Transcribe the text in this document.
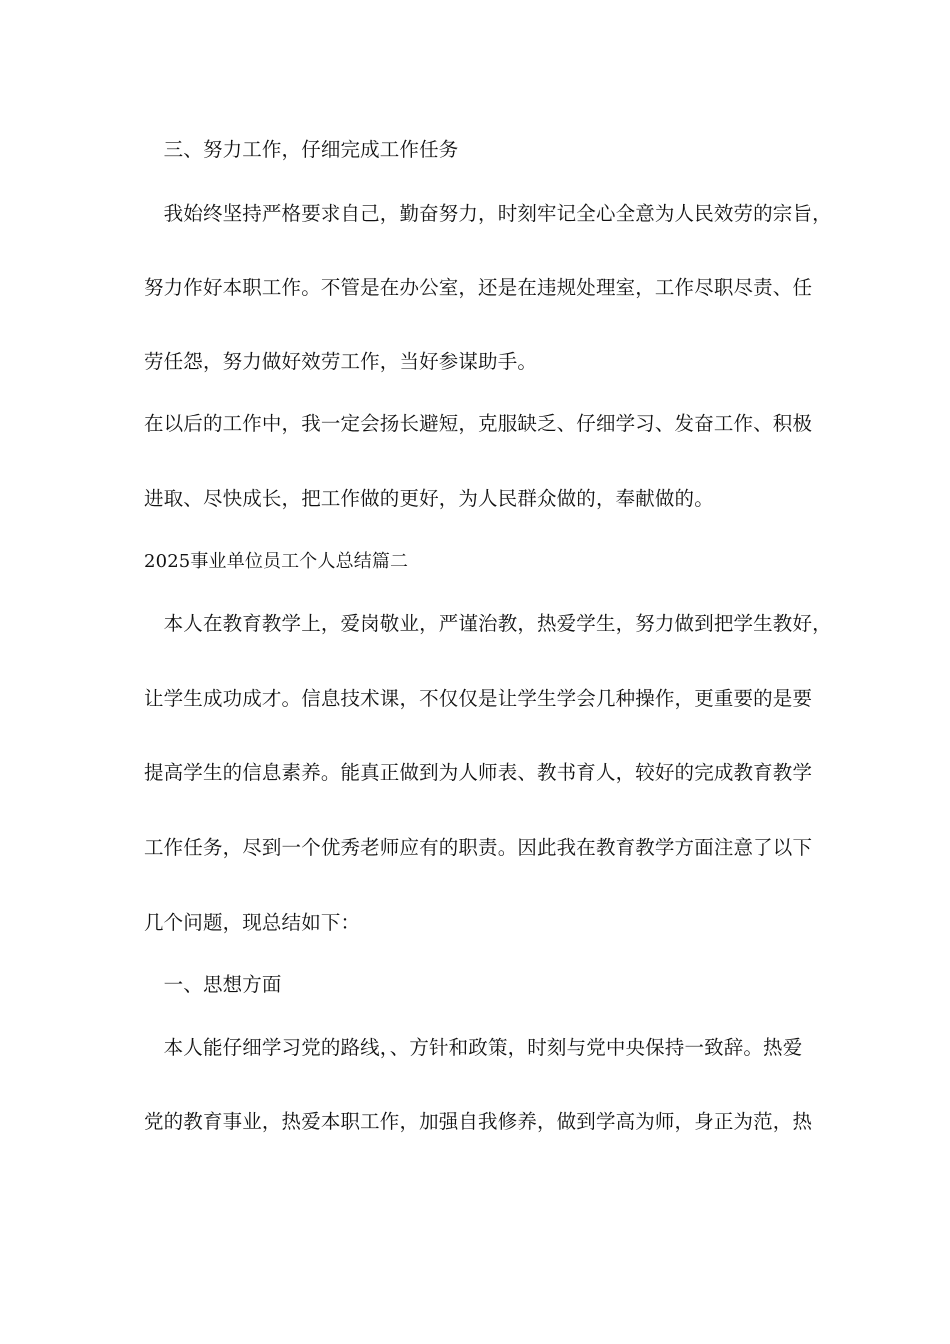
　三、努力工作，仔细完成工作任务
　我始终坚持严格要求自己，勤奋努力，时刻牢记全心全意为人民效劳的宗旨，
努力作好本职工作。不管是在办公室，还是在违规处理室，工作尽职尽责、任
劳任怨，努力做好效劳工作，当好参谋助手。
在以后的工作中，我一定会扬长避短，克服缺乏、仔细学习、发奋工作、积极
进取、尽快成长，把工作做的更好，为人民群众做的，奉献做的。
2025事业单位员工个人总结篇二
　本人在教育教学上，爱岗敬业，严谨治教，热爱学生，努力做到把学生教好，
让学生成功成才。信息技术课，不仅仅是让学生学会几种操作，更重要的是要
提高学生的信息素养。能真正做到为人师表、教书育人，较好的完成教育教学
工作任务，尽到一个优秀老师应有的职责。因此我在教育教学方面注意了以下
几个问题，现总结如下：
　一、思想方面
　本人能仔细学习党的路线，、方针和政策，时刻与党中央保持一致辞。热爱
党的教育事业，热爱本职工作，加强自我修养，做到学高为师，身正为范，热
